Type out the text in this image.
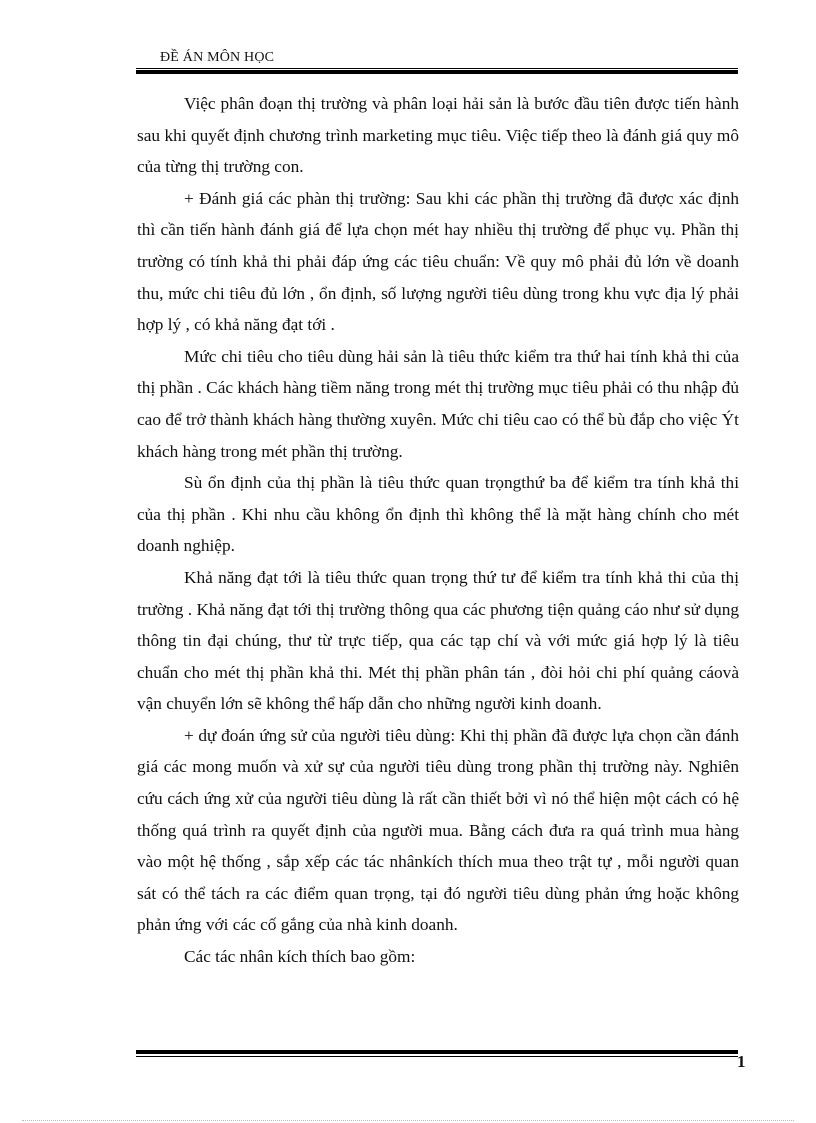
ĐỀ ÁN MÔN HỌC

Việc phân đoạn thị trường và phân loại hải sản là bước đầu tiên được tiến hành sau khi quyết định chương trình marketing mục tiêu. Việc tiếp theo là đánh giá quy mô của từng thị trường con.

+ Đánh giá các phàn thị trường: Sau khi các phần thị trường đã được xác định thì cần tiến hành đánh giá để lựa chọn mét hay nhiều thị trường để phục vụ. Phần thị trường có tính khả thi phải đáp ứng các tiêu chuẩn: Về quy mô phải đủ lớn về doanh thu, mức chi tiêu đủ lớn , ổn định, số lượng người tiêu dùng trong khu vực địa lý phải hợp lý , có khả năng đạt tới .

Mức chi tiêu cho tiêu dùng hải sản là tiêu thức kiểm tra thứ hai tính khả thi của thị phần . Các khách hàng tiềm năng trong mét thị trường mục tiêu phải có thu nhập đủ cao để trở thành khách hàng thường xuyên. Mức chi tiêu cao có thể bù đắp cho việc Ýt khách hàng trong mét phần thị trường.

Sù ổn định của thị phần là tiêu thức quan trọngthứ ba để kiểm tra tính khả thi của thị phần . Khi nhu cầu không ổn định thì không thể là mặt hàng chính cho mét doanh nghiệp.

Khả năng đạt tới là tiêu thức quan trọng thứ tư để kiểm tra tính khả thi của thị trường . Khả năng đạt tới thị trường thông qua các phương tiện quảng cáo như sử dụng thông tin đại chúng, thư từ trực tiếp, qua các tạp chí và với mức giá hợp lý là tiêu chuẩn cho mét thị phần khả thi. Mét thị phần phân tán , đòi hỏi chi phí quảng cáovà vận chuyển lớn sẽ không thể hấp dẫn cho những người kinh doanh.

+ dự đoán ứng sử của người tiêu dùng: Khi thị phần đã được lựa chọn cần đánh giá các mong muốn và xử sự của người tiêu dùng trong phần thị trường này. Nghiên cứu cách ứng xử của người tiêu dùng là rất cần thiết bởi vì nó thể hiện một cách có hệ thống quá trình ra quyết định của người mua. Bằng cách đưa ra quá trình mua hàng vào một hệ thống , sắp xếp các tác nhânkích thích mua theo trật tự , mỗi người quan sát có thể tách ra các điểm quan trọng, tại đó người tiêu dùng phản ứng hoặc không phản ứng với các cố gắng của nhà kinh doanh.

Các tác nhân kích thích bao gồm:

1
